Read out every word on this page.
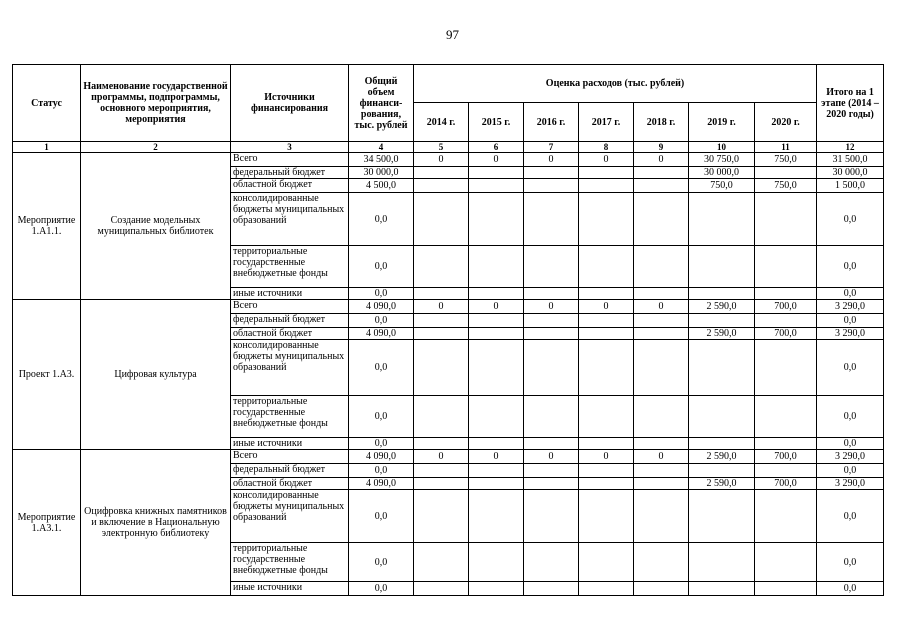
97
Статус	Наименование государственной программы, подпрограммы, основного мероприятия, мероприятия	Источники финансирования	Общий объем финанси-рования, тыс. рублей	Оценка расходов (тыс. рублей)							Итого на 1 этапе (2014 – 2020 годы)
				2014 г.	2015 г.	2016 г.	2017 г.	2018 г.	2019 г.	2020 г.	
1	2	3	4	5	6	7	8	9	10	11	12
Мероприятие 1.А1.1.	Создание модельных муниципальных библиотек	Всего	34 500,0	0	0	0	0	0	30 750,0	750,0	31 500,0
		федеральный бюджет	30 000,0						30 000,0		30 000,0
		областной бюджет	4 500,0						750,0	750,0	1 500,0
		консолидированные бюджеты муниципальных образований	0,0								0,0
		территориальные государственные внебюджетные фонды	0,0								0,0
		иные источники	0,0								0,0
Проект 1.А3.	Цифровая культура	Всего	4 090,0	0	0	0	0	0	2 590,0	700,0	3 290,0
		федеральный бюджет	0,0								0,0
		областной бюджет	4 090,0						2 590,0	700,0	3 290,0
		консолидированные бюджеты муниципальных образований	0,0								0,0
		территориальные государственные внебюджетные фонды	0,0								0,0
		иные источники	0,0								0,0
Мероприятие 1.А3.1.	Оцифровка книжных памятников и включение в Национальную электронную библиотеку	Всего	4 090,0	0	0	0	0	0	2 590,0	700,0	3 290,0
		федеральный бюджет	0,0								0,0
		областной бюджет	4 090,0						2 590,0	700,0	3 290,0
		консолидированные бюджеты муниципальных образований	0,0								0,0
		территориальные государственные внебюджетные фонды	0,0								0,0
		иные источники	0,0								0,0
